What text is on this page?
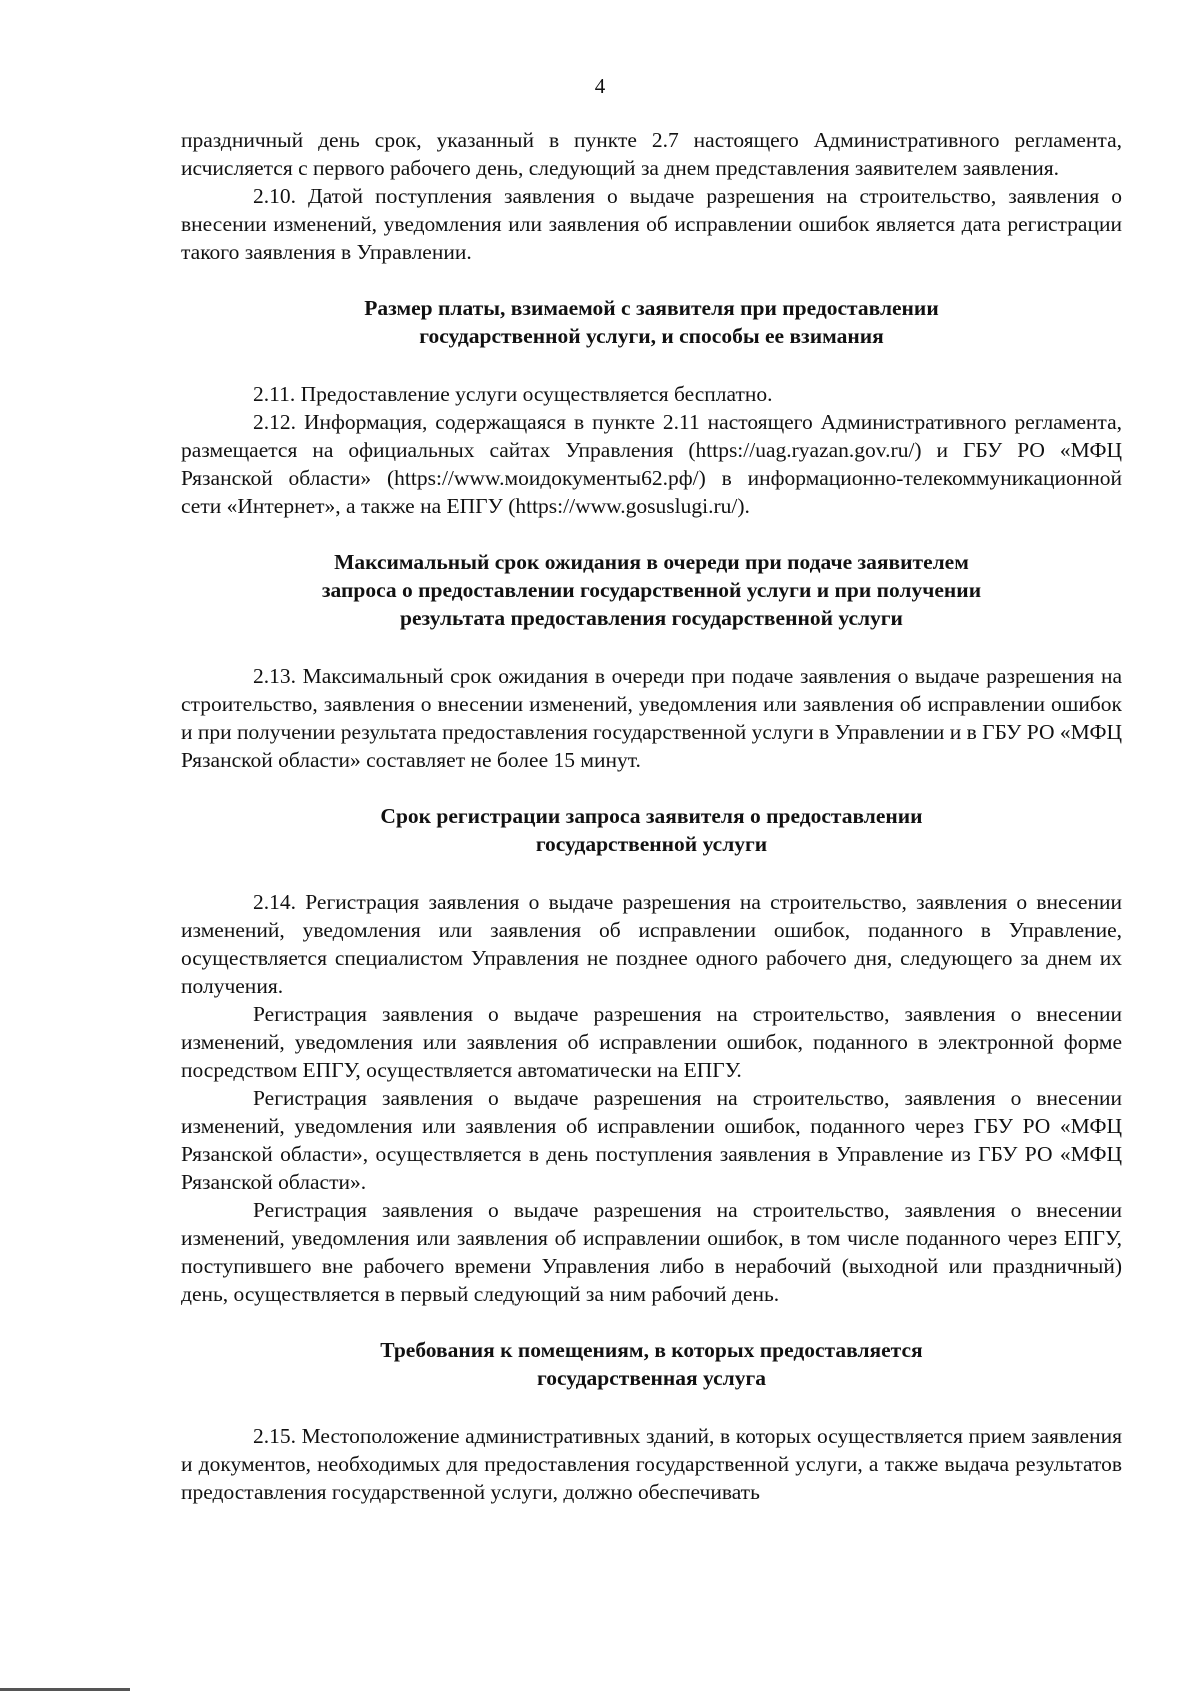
4

праздничный день срок, указанный в пункте 2.7 настоящего Административного регламента, исчисляется с первого рабочего день, следующий за днем представления заявителем заявления.

2.10. Датой поступления заявления о выдаче разрешения на строительство, заявления о внесении изменений, уведомления или заявления об исправлении ошибок является дата регистрации такого заявления в Управлении.

Размер платы, взимаемой с заявителя при предоставлении
государственной услуги, и способы ее взимания

2.11. Предоставление услуги осуществляется бесплатно.

2.12. Информация, содержащаяся в пункте 2.11 настоящего Административного регламента, размещается на официальных сайтах Управления (https://uag.ryazan.gov.ru/) и ГБУ РО «МФЦ Рязанской области» (https://www.моидокументы62.рф/) в информационно-телекоммуникационной сети «Интернет», а также на ЕПГУ (https://www.gosuslugi.ru/).

Максимальный срок ожидания в очереди при подаче заявителем
запроса о предоставлении государственной услуги и при получении
результата предоставления государственной услуги

2.13. Максимальный срок ожидания в очереди при подаче заявления о выдаче разрешения на строительство, заявления о внесении изменений, уведомления или заявления об исправлении ошибок и при получении результата предоставления государственной услуги в Управлении и в ГБУ РО «МФЦ Рязанской области» составляет не более 15 минут.

Срок регистрации запроса заявителя о предоставлении
государственной услуги

2.14. Регистрация заявления о выдаче разрешения на строительство, заявления о внесении изменений, уведомления или заявления об исправлении ошибок, поданного в Управление, осуществляется специалистом Управления не позднее одного рабочего дня, следующего за днем их получения.

Регистрация заявления о выдаче разрешения на строительство, заявления о внесении изменений, уведомления или заявления об исправлении ошибок, поданного в электронной форме посредством ЕПГУ, осуществляется автоматически на ЕПГУ.

Регистрация заявления о выдаче разрешения на строительство, заявления о внесении изменений, уведомления или заявления об исправлении ошибок, поданного через ГБУ РО «МФЦ Рязанской области», осуществляется в день поступления заявления в Управление из ГБУ РО «МФЦ Рязанской области».

Регистрация заявления о выдаче разрешения на строительство, заявления о внесении изменений, уведомления или заявления об исправлении ошибок, в том числе поданного через ЕПГУ, поступившего вне рабочего времени Управления либо в нерабочий (выходной или праздничный) день, осуществляется в первый следующий за ним рабочий день.

Требования к помещениям, в которых предоставляется
государственная услуга

2.15. Местоположение административных зданий, в которых осуществляется прием заявления и документов, необходимых для предоставления государственной услуги, а также выдача результатов предоставления государственной услуги, должно обеспечивать
